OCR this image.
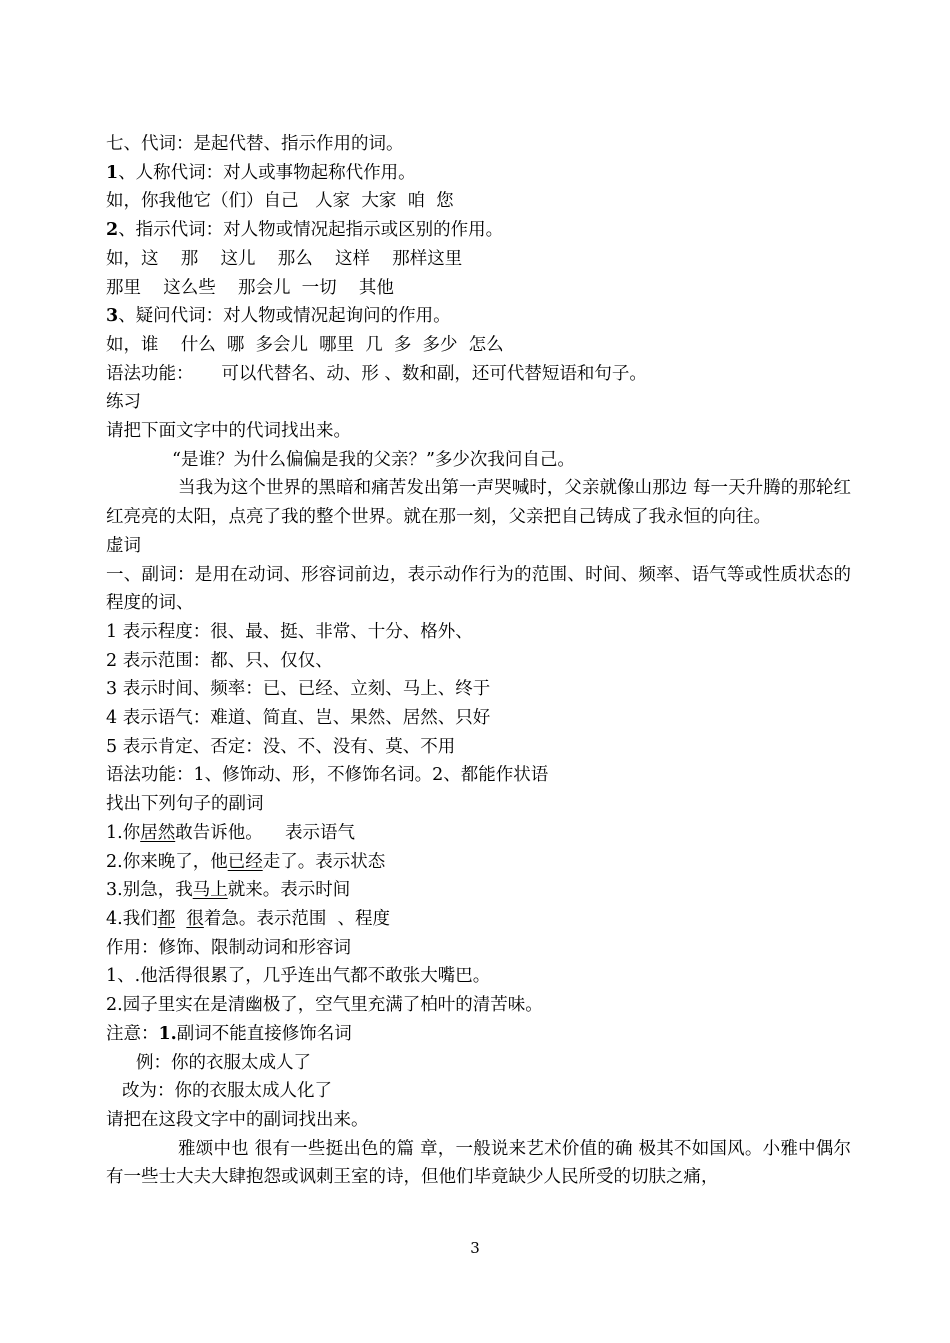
七、代词：是起代替、指示作用的词。

1、人称代词：对人或事物起称代作用。

如，你我他它（们）自己   人家  大家  咱  您

2、指示代词：对人物或情况起指示或区别的作用。

如，这    那    这儿    那么    这样    那样这里

那里    这么些    那会儿  一切    其他

3、疑问代词：对人物或情况起询问的作用。

如，谁    什么  哪  多会儿  哪里  几  多  多少  怎么

语法功能：     可以代替名、动、形 、数和副，还可代替短语和句子。

练习

请把下面文字中的代词找出来。

“是谁？为什么偏偏是我的父亲？”多少次我问自己。

当我为这个世界的黑暗和痛苦发出第一声哭喊时，父亲就像山那边 每一天升腾的那轮红红亮亮的太阳，点亮了我的整个世界。就在那一刻，父亲把自己铸成了我永恒的向往。

虚词

一、副词：是用在动词、形容词前边，表示动作行为的范围、时间、频率、语气等或性质状态的程度的词、

1 表示程度：很、最、挺、非常、十分、格外、

2 表示范围：都、只、仅仅、

3 表示时间、频率：已、已经、立刻、马上、终于

4 表示语气：难道、简直、岂、果然、居然、只好

5 表示肯定、否定：没、不、没有、莫、不用

语法功能：1、修饰动、形，不修饰名词。2、都能作状语

找出下列句子的副词

1.你居然敢告诉他。    表示语气

2.你来晚了，他已经走了。表示状态

3.别急，我马上就来。表示时间

4.我们都 很着急。表示范围  、程度

作用：修饰、限制动词和形容词

1、.他活得很累了，几乎连出气都不敢张大嘴巴。

2.园子里实在是清幽极了，空气里充满了柏叶的清苦味。

注意：1.副词不能直接修饰名词

例：你的衣服太成人了

改为：你的衣服太成人化了

请把在这段文字中的副词找出来。

雅颂中也 很有一些挺出色的篇 章，一般说来艺术价值的确 极其不如国风。小雅中偶尔有一些士大夫大肆抱怨或讽刺王室的诗，但他们毕竟缺少人民所受的切肤之痛，

3
